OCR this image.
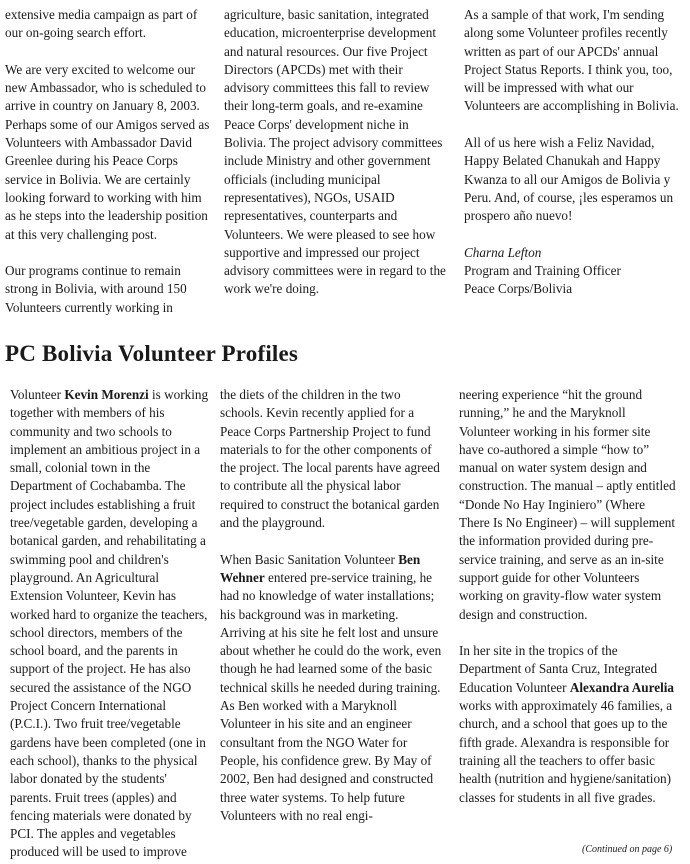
extensive media campaign as part of our on-going search effort.

We are very excited to welcome our new Ambassador, who is scheduled to arrive in country on January 8, 2003. Perhaps some of our Amigos served as Volunteers with Ambassador David Greenlee during his Peace Corps service in Bolivia. We are certainly looking forward to working with him as he steps into the leadership position at this very challenging post.

Our programs continue to remain strong in Bolivia, with around 150 Volunteers currently working in

agriculture, basic sanitation, integrated education, microenterprise development and natural resources. Our five Project Directors (APCDs) met with their advisory committees this fall to review their long-term goals, and re-examine Peace Corps' development niche in Bolivia. The project advisory committees include Ministry and other government officials (including municipal representatives), NGOs, USAID representatives, counterparts and Volunteers. We were pleased to see how supportive and impressed our project advisory committees were in regard to the work we're doing.

As a sample of that work, I'm sending along some Volunteer profiles recently written as part of our APCDs' annual Project Status Reports. I think you, too, will be impressed with what our Volunteers are accomplishing in Bolivia.

All of us here wish a Feliz Navidad, Happy Belated Chanukah and Happy Kwanza to all our Amigos de Bolivia y Peru. And, of course, ¡les esperamos un prospero año nuevo!

Charna Lefton

Program and Training Officer

Peace Corps/Bolivia

PC Bolivia Volunteer Profiles

Volunteer Kevin Morenzi is working together with members of his community and two schools to implement an ambitious project in a small, colonial town in the Department of Cochabamba. The project includes establishing a fruit tree/vegetable garden, developing a botanical garden, and rehabilitating a swimming pool and children's playground. An Agricultural Extension Volunteer, Kevin has worked hard to organize the teachers, school directors, members of the school board, and the parents in support of the project. He has also secured the assistance of the NGO Project Concern International (P.C.I.). Two fruit tree/vegetable gardens have been completed (one in each school), thanks to the physical labor donated by the students' parents. Fruit trees (apples) and fencing materials were donated by PCI. The apples and vegetables produced will be used to improve

the diets of the children in the two schools. Kevin recently applied for a Peace Corps Partnership Project to fund materials to for the other components of the project. The local parents have agreed to contribute all the physical labor required to construct the botanical garden and the playground.

When Basic Sanitation Volunteer Ben Wehner entered pre-service training, he had no knowledge of water installations; his background was in marketing. Arriving at his site he felt lost and unsure about whether he could do the work, even though he had learned some of the basic technical skills he needed during training. As Ben worked with a Maryknoll Volunteer in his site and an engineer consultant from the NGO Water for People, his confidence grew. By May of 2002, Ben had designed and constructed three water systems. To help future Volunteers with no real engi-

neering experience “hit the ground running,” he and the Maryknoll Volunteer working in his former site have co-authored a simple “how to” manual on water system design and construction. The manual – aptly entitled “Donde No Hay Inginiero” (Where There Is No Engineer) – will supplement the information provided during pre-service training, and serve as an in-site support guide for other Volunteers working on gravity-flow water system design and construction.

In her site in the tropics of the Department of Santa Cruz, Integrated Education Volunteer Alexandra Aurelia works with approximately 46 families, a church, and a school that goes up to the fifth grade. Alexandra is responsible for training all the teachers to offer basic health (nutrition and hygiene/sanitation) classes for students in all five grades.

(Continued on page 6)
